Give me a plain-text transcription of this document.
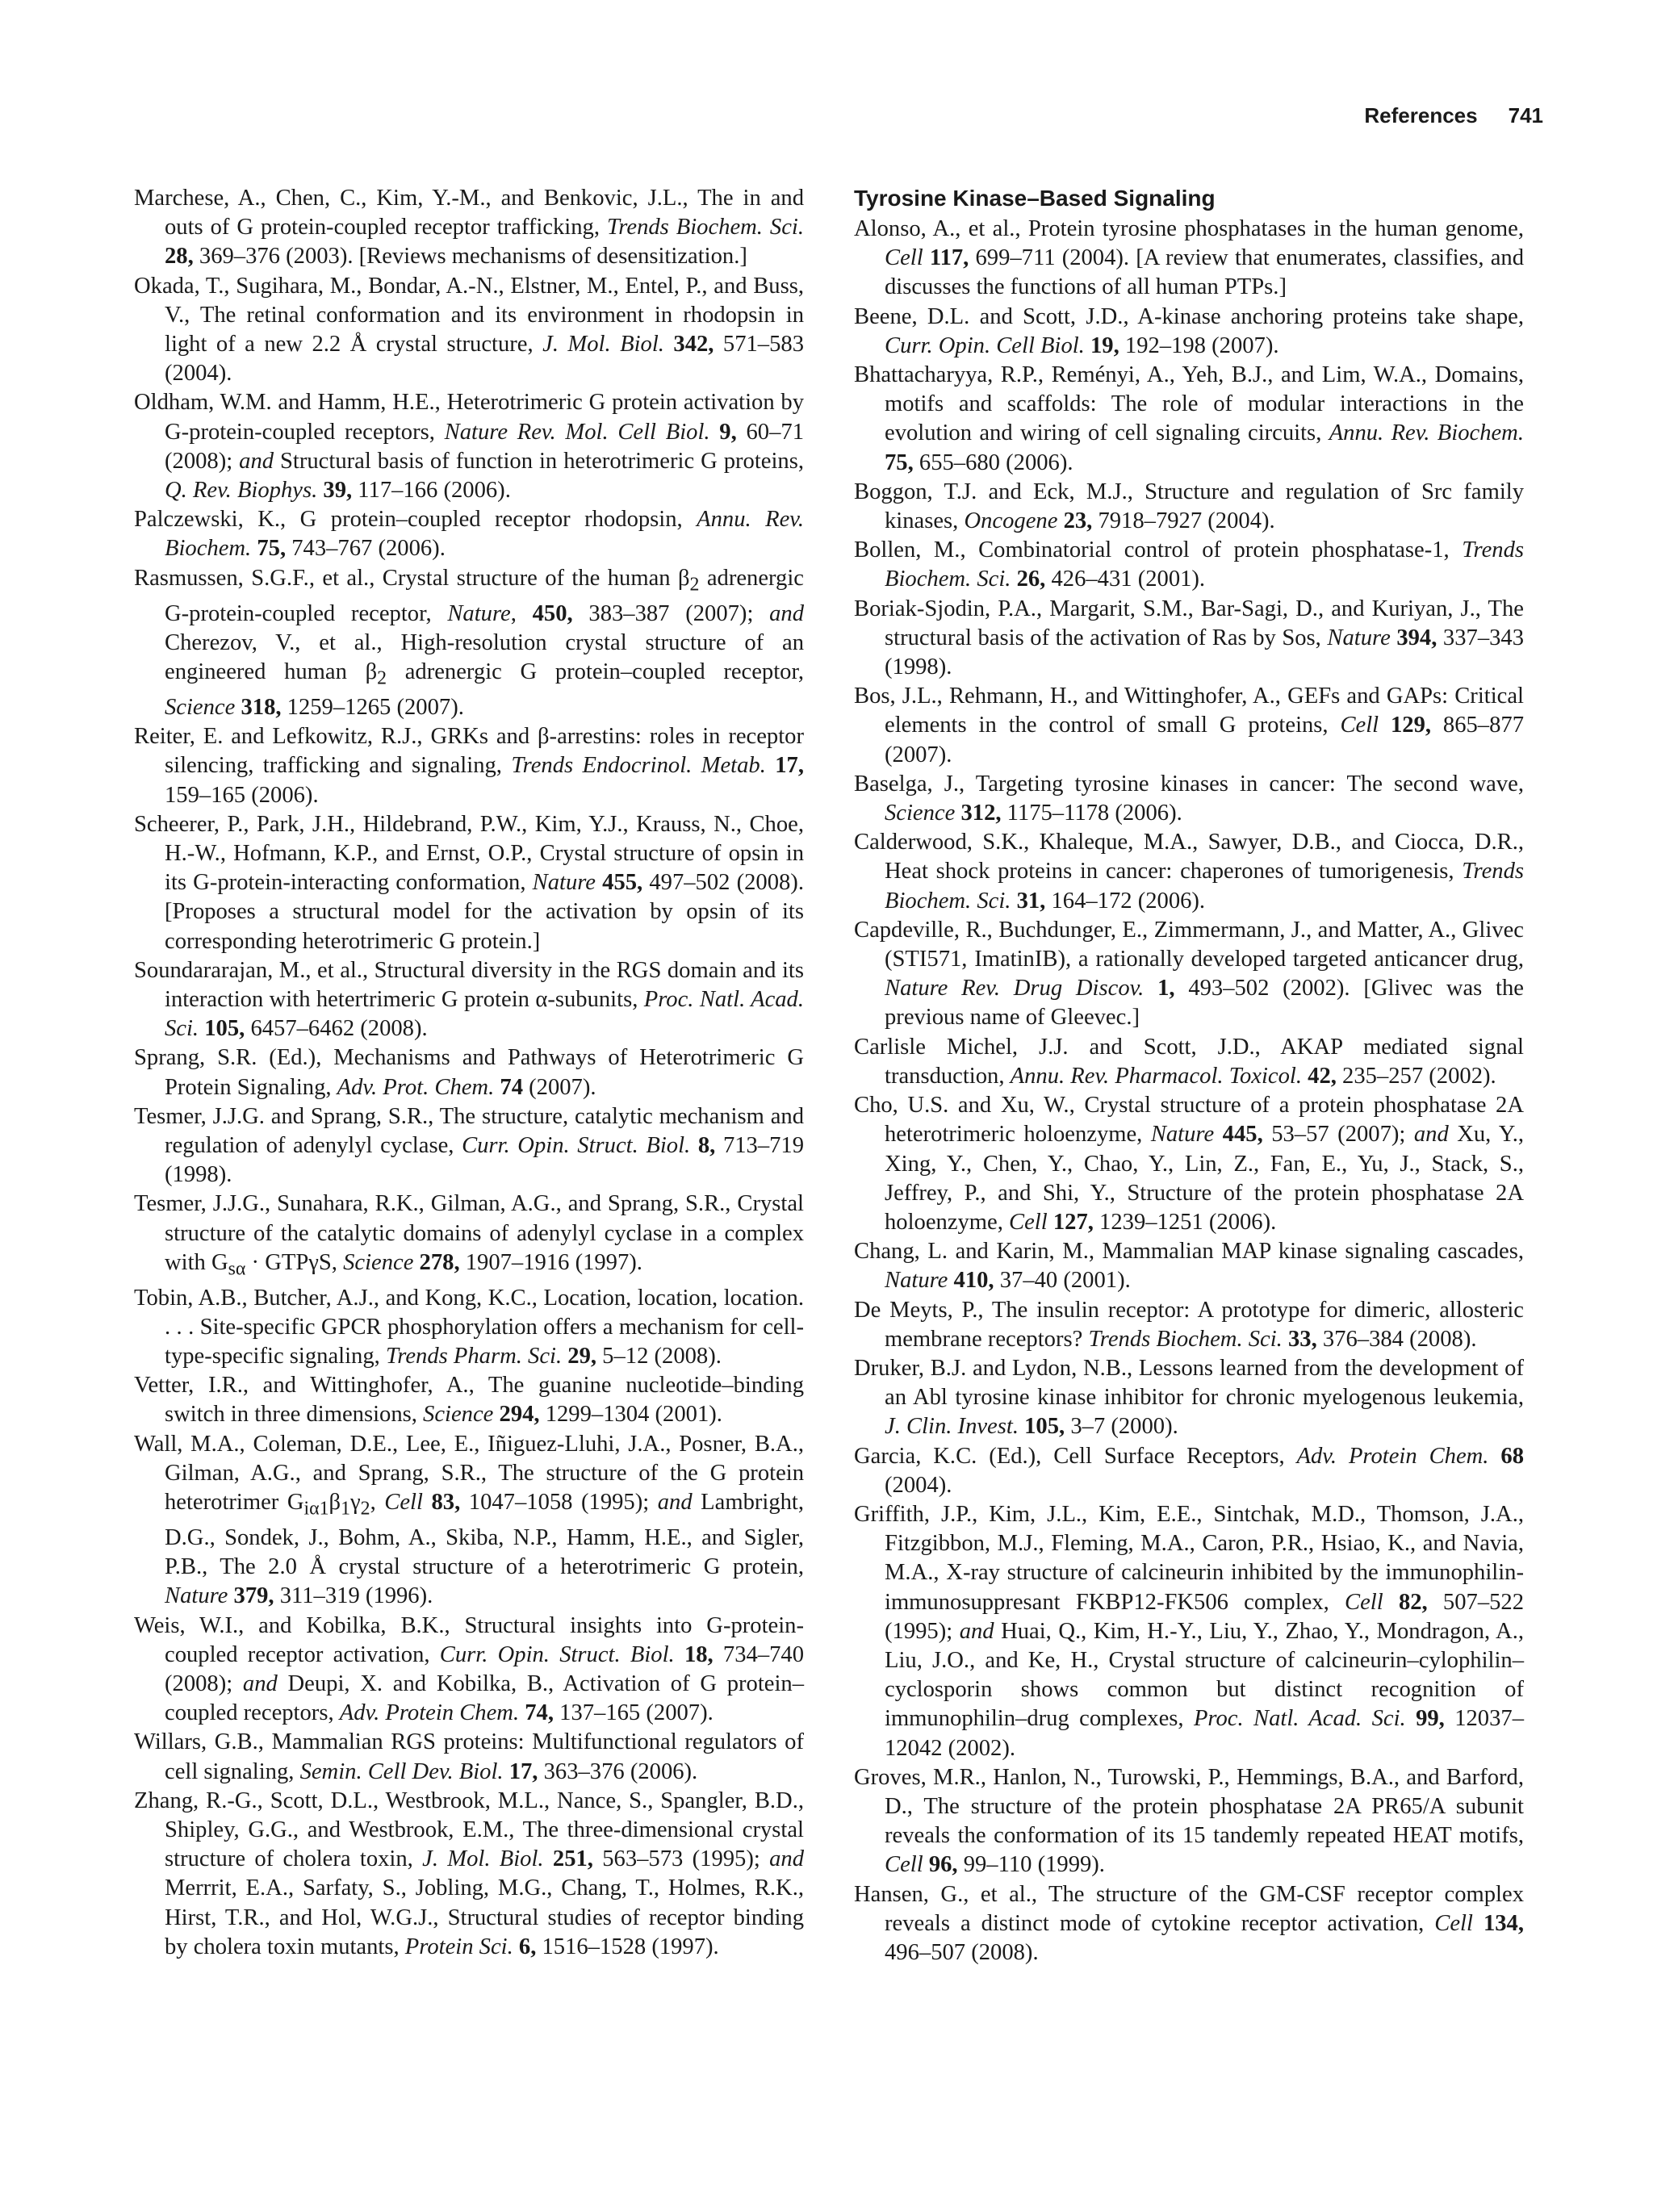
References 741

Marchese, A., Chen, C., Kim, Y.-M., and Benkovic, J.L., The in and outs of G protein-coupled receptor trafficking, Trends Biochem. Sci. 28, 369–376 (2003). [Reviews mechanisms of desensitization.]

Okada, T., Sugihara, M., Bondar, A.-N., Elstner, M., Entel, P., and Buss, V., The retinal conformation and its environment in rhodopsin in light of a new 2.2 Å crystal structure, J. Mol. Biol. 342, 571–583 (2004).

Oldham, W.M. and Hamm, H.E., Heterotrimeric G protein activation by G-protein-coupled receptors, Nature Rev. Mol. Cell Biol. 9, 60–71 (2008); and Structural basis of function in heterotrimeric G proteins, Q. Rev. Biophys. 39, 117–166 (2006).

Palczewski, K., G protein–coupled receptor rhodopsin, Annu. Rev. Biochem. 75, 743–767 (2006).

Rasmussen, S.G.F., et al., Crystal structure of the human $\beta_2$ adrenergic G-protein-coupled receptor, Nature, 450, 383–387 (2007); and Cherezov, V., et al., High-resolution crystal structure of an engineered human $\beta_2$ adrenergic G protein–coupled receptor, Science 318, 1259–1265 (2007).

Reiter, E. and Lefkowitz, R.J., GRKs and β-arrestins: roles in receptor silencing, trafficking and signaling, Trends Endocrinol. Metab. 17, 159–165 (2006).

Scheerer, P., Park, J.H., Hildebrand, P.W., Kim, Y.J., Krauss, N., Choe, H.-W., Hofmann, K.P., and Ernst, O.P., Crystal structure of opsin in its G-protein-interacting conformation, Nature 455, 497–502 (2008). [Proposes a structural model for the activation by opsin of its corresponding heterotrimeric G protein.]

Soundararajan, M., et al., Structural diversity in the RGS domain and its interaction with hetertrimeric G protein α-subunits, Proc. Natl. Acad. Sci. 105, 6457–6462 (2008).

Sprang, S.R. (Ed.), Mechanisms and Pathways of Heterotrimeric G Protein Signaling, Adv. Prot. Chem. 74 (2007).

Tesmer, J.J.G. and Sprang, S.R., The structure, catalytic mechanism and regulation of adenylyl cyclase, Curr. Opin. Struct. Biol. 8, 713–719 (1998).

Tesmer, J.J.G., Sunahara, R.K., Gilman, A.G., and Sprang, S.R., Crystal structure of the catalytic domains of adenylyl cyclase in a complex with $G_{s\alpha} \cdot GTP\gamma S$, Science 278, 1907–1916 (1997).

Tobin, A.B., Butcher, A.J., and Kong, K.C., Location, location, location. . . . Site-specific GPCR phosphorylation offers a mechanism for cell-type-specific signaling, Trends Pharm. Sci. 29, 5–12 (2008).

Vetter, I.R., and Wittinghofer, A., The guanine nucleotide–binding switch in three dimensions, Science 294, 1299–1304 (2001).

Wall, M.A., Coleman, D.E., Lee, E., Iñiguez-Lluhi, J.A., Posner, B.A., Gilman, A.G., and Sprang, S.R., The structure of the G protein heterotrimer $G_{i\alpha 1}\beta_1\gamma_2$, Cell 83, 1047–1058 (1995); and Lambright, D.G., Sondek, J., Bohm, A., Skiba, N.P., Hamm, H.E., and Sigler, P.B., The 2.0 Å crystal structure of a heterotrimeric G protein, Nature 379, 311–319 (1996).

Weis, W.I., and Kobilka, B.K., Structural insights into G-protein-coupled receptor activation, Curr. Opin. Struct. Biol. 18, 734–740 (2008); and Deupi, X. and Kobilka, B., Activation of G protein–coupled receptors, Adv. Protein Chem. 74, 137–165 (2007).

Willars, G.B., Mammalian RGS proteins: Multifunctional regulators of cell signaling, Semin. Cell Dev. Biol. 17, 363–376 (2006).

Zhang, R.-G., Scott, D.L., Westbrook, M.L., Nance, S., Spangler, B.D., Shipley, G.G., and Westbrook, E.M., The three-dimensional crystal structure of cholera toxin, J. Mol. Biol. 251, 563–573 (1995); and Merrrit, E.A., Sarfaty, S., Jobling, M.G., Chang, T., Holmes, R.K., Hirst, T.R., and Hol, W.G.J., Structural studies of receptor binding by cholera toxin mutants, Protein Sci. 6, 1516–1528 (1997).

Tyrosine Kinase–Based Signaling

Alonso, A., et al., Protein tyrosine phosphatases in the human genome, Cell 117, 699–711 (2004). [A review that enumerates, classifies, and discusses the functions of all human PTPs.]

Beene, D.L. and Scott, J.D., A-kinase anchoring proteins take shape, Curr. Opin. Cell Biol. 19, 192–198 (2007).

Bhattacharyya, R.P., Reményi, A., Yeh, B.J., and Lim, W.A., Domains, motifs and scaffolds: The role of modular interactions in the evolution and wiring of cell signaling circuits, Annu. Rev. Biochem. 75, 655–680 (2006).

Boggon, T.J. and Eck, M.J., Structure and regulation of Src family kinases, Oncogene 23, 7918–7927 (2004).

Bollen, M., Combinatorial control of protein phosphatase-1, Trends Biochem. Sci. 26, 426–431 (2001).

Boriak-Sjodin, P.A., Margarit, S.M., Bar-Sagi, D., and Kuriyan, J., The structural basis of the activation of Ras by Sos, Nature 394, 337–343 (1998).

Bos, J.L., Rehmann, H., and Wittinghofer, A., GEFs and GAPs: Critical elements in the control of small G proteins, Cell 129, 865–877 (2007).

Baselga, J., Targeting tyrosine kinases in cancer: The second wave, Science 312, 1175–1178 (2006).

Calderwood, S.K., Khaleque, M.A., Sawyer, D.B., and Ciocca, D.R., Heat shock proteins in cancer: chaperones of tumorigenesis, Trends Biochem. Sci. 31, 164–172 (2006).

Capdeville, R., Buchdunger, E., Zimmermann, J., and Matter, A., Glivec (STI571, ImatinIB), a rationally developed targeted anticancer drug, Nature Rev. Drug Discov. 1, 493–502 (2002). [Glivec was the previous name of Gleevec.]

Carlisle Michel, J.J. and Scott, J.D., AKAP mediated signal transduction, Annu. Rev. Pharmacol. Toxicol. 42, 235–257 (2002).

Cho, U.S. and Xu, W., Crystal structure of a protein phosphatase 2A heterotrimeric holoenzyme, Nature 445, 53–57 (2007); and Xu, Y., Xing, Y., Chen, Y., Chao, Y., Lin, Z., Fan, E., Yu, J., Stack, S., Jeffrey, P., and Shi, Y., Structure of the protein phosphatase 2A holoenzyme, Cell 127, 1239–1251 (2006).

Chang, L. and Karin, M., Mammalian MAP kinase signaling cascades, Nature 410, 37–40 (2001).

De Meyts, P., The insulin receptor: A prototype for dimeric, allosteric membrane receptors? Trends Biochem. Sci. 33, 376–384 (2008).

Druker, B.J. and Lydon, N.B., Lessons learned from the development of an Abl tyrosine kinase inhibitor for chronic myelogenous leukemia, J. Clin. Invest. 105, 3–7 (2000).

Garcia, K.C. (Ed.), Cell Surface Receptors, Adv. Protein Chem. 68 (2004).

Griffith, J.P., Kim, J.L., Kim, E.E., Sintchak, M.D., Thomson, J.A., Fitzgibbon, M.J., Fleming, M.A., Caron, P.R., Hsiao, K., and Navia, M.A., X-ray structure of calcineurin inhibited by the immunophilin-immunosuppresant FKBP12-FK506 complex, Cell 82, 507–522 (1995); and Huai, Q., Kim, H.-Y., Liu, Y., Zhao, Y., Mondragon, A., Liu, J.O., and Ke, H., Crystal structure of calcineurin–cylophilin–cyclosporin shows common but distinct recognition of immunophilin–drug complexes, Proc. Natl. Acad. Sci. 99, 12037–12042 (2002).

Groves, M.R., Hanlon, N., Turowski, P., Hemmings, B.A., and Barford, D., The structure of the protein phosphatase 2A PR65/A subunit reveals the conformation of its 15 tandemly repeated HEAT motifs, Cell 96, 99–110 (1999).

Hansen, G., et al., The structure of the GM-CSF receptor complex reveals a distinct mode of cytokine receptor activation, Cell 134, 496–507 (2008).
